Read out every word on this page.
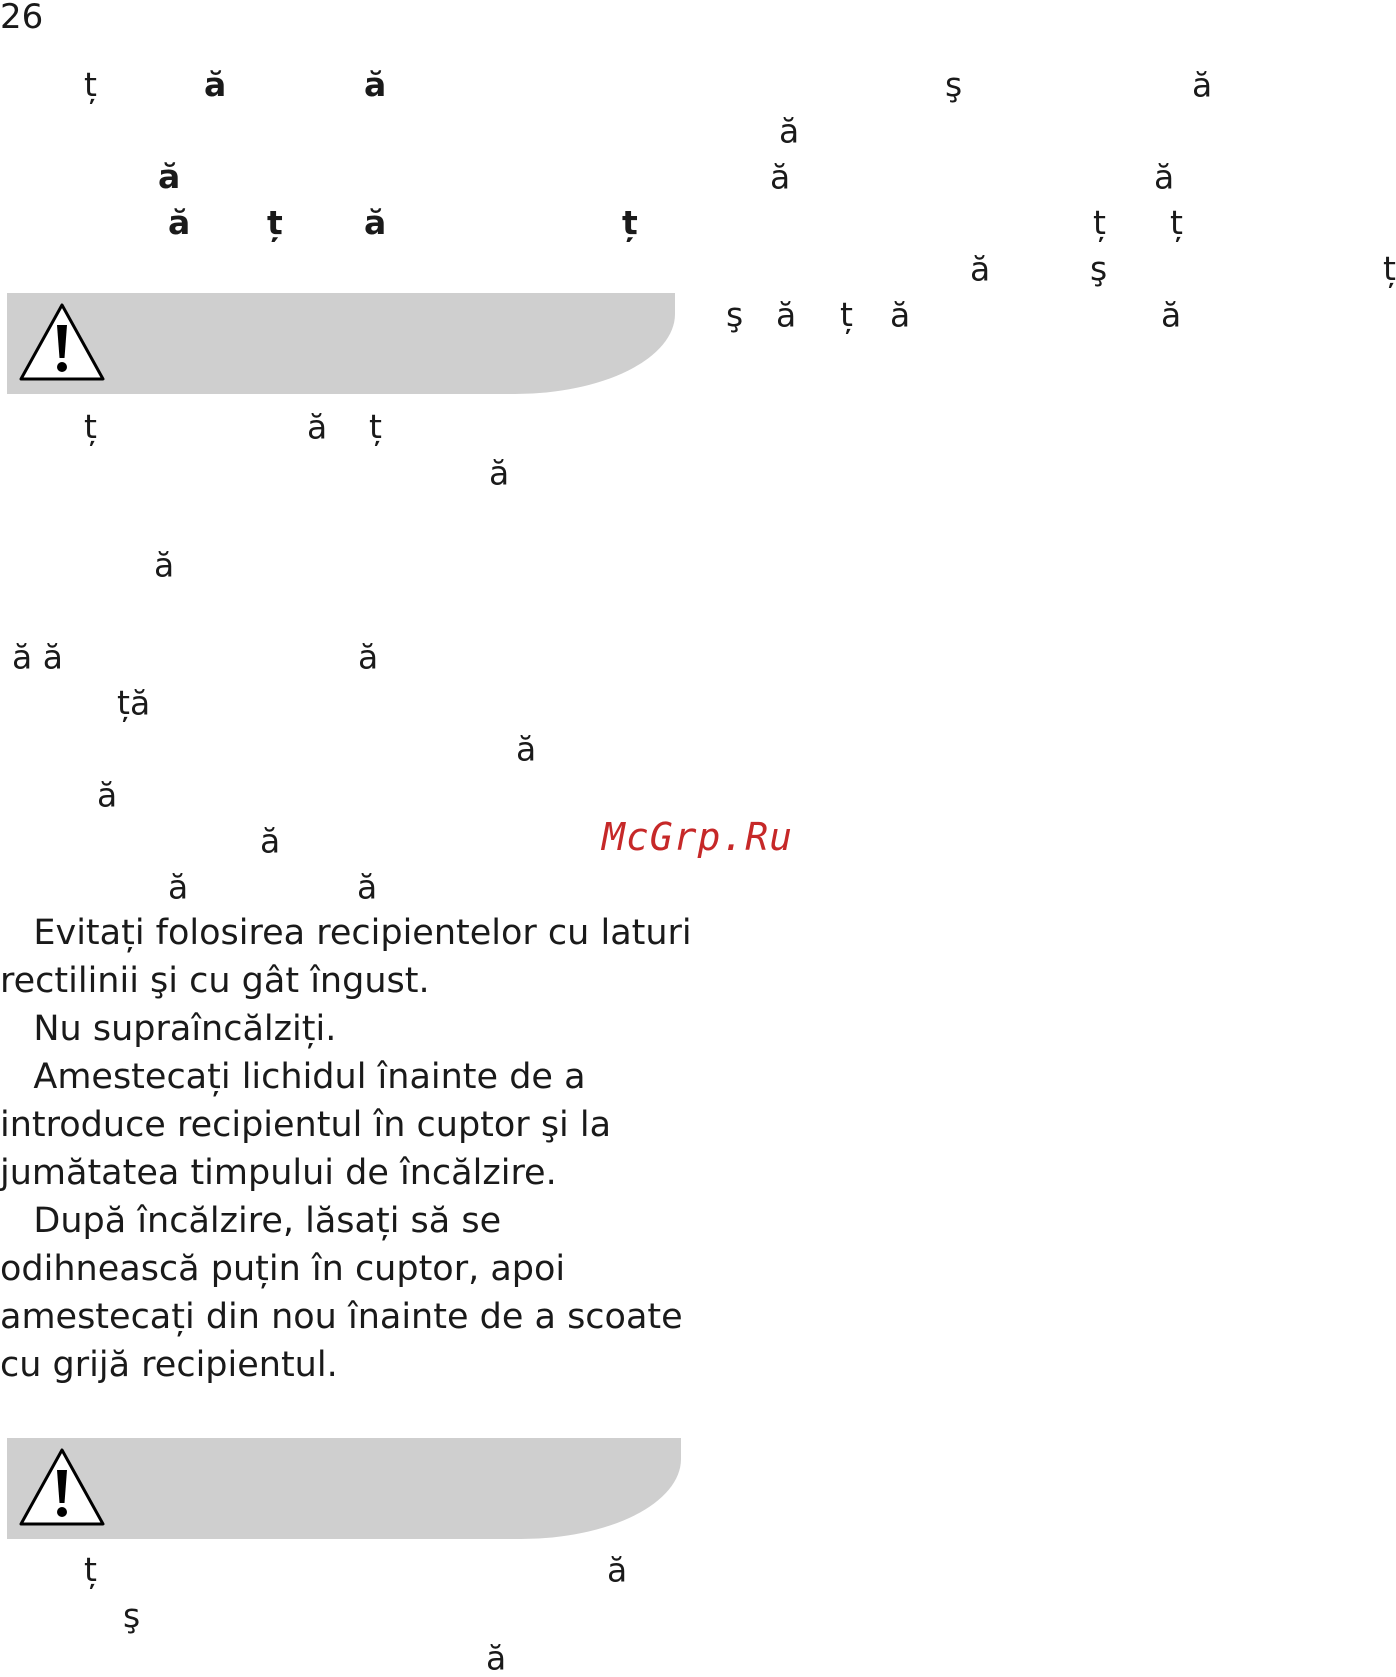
26
ț	ă	ă
ă
ă ț ă	ț
ş	ă
ă
ă	ă
ț ț
ă	ş	ț
ş ă ț ă	ă
ț	ă ț
ă
ă
ă ă	ă
ță
ă
ă
ă
ă	ă
McGrp.Ru
Evitați folosirea recipientelor cu laturi
rectilinii şi cu gât îngust.
Nu supraîncălziți.
Amestecați lichidul înainte de a
introduce recipientul în cuptor şi la
jumătatea timpului de încălzire.
După încălzire, lăsați să se
odihnească puțin în cuptor, apoi
amestecați din nou înainte de a scoate
cu grijă recipientul.
ț	ă
ş
ă
